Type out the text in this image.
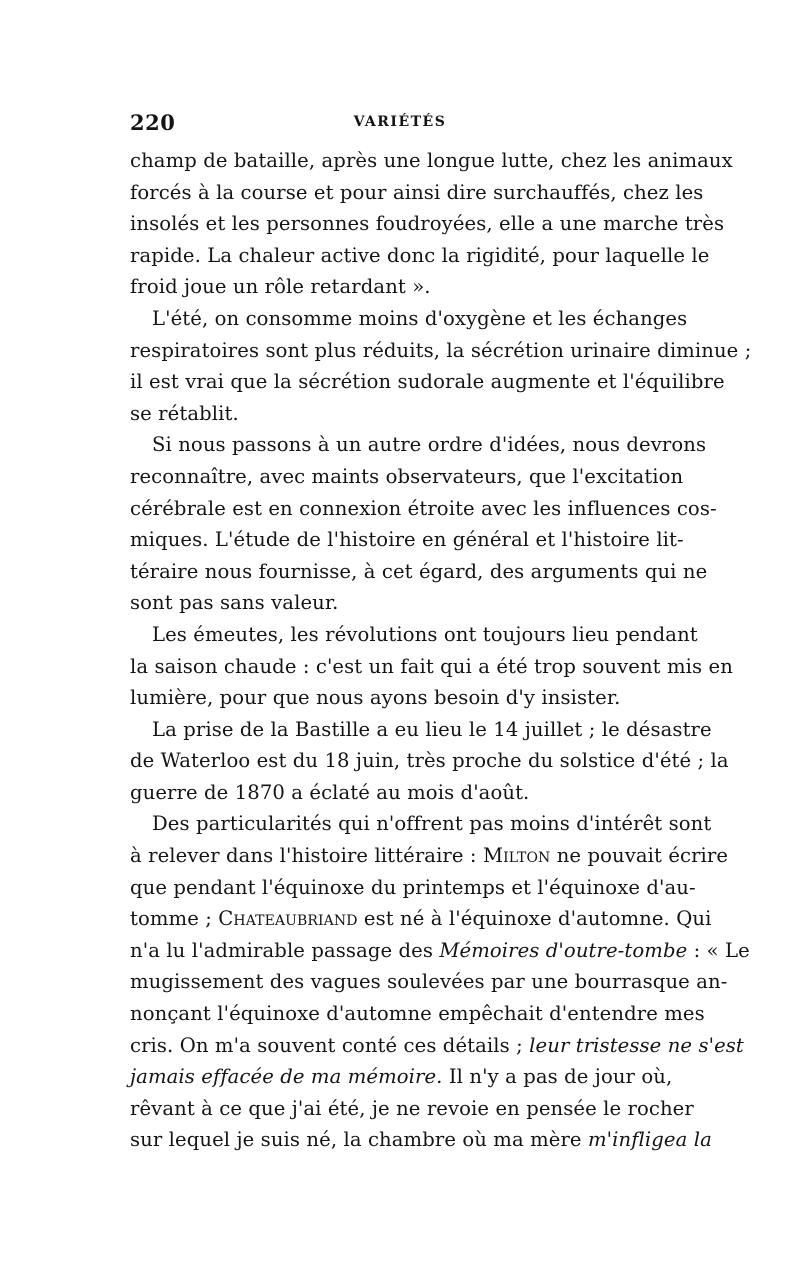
220	VARIÉTÉS
champ de bataille, après une longue lutte, chez les animaux
forcés à la course et pour ainsi dire surchauffés, chez les
insolés et les personnes foudroyées, elle a une marche très
rapide. La chaleur active donc la rigidité, pour laquelle le
froid joue un rôle retardant ».
L'été, on consomme moins d'oxygène et les échanges
respiratoires sont plus réduits, la sécrétion urinaire diminue ;
il est vrai que la sécrétion sudorale augmente et l'équilibre
se rétablit.
Si nous passons à un autre ordre d'idées, nous devrons
reconnaître, avec maints observateurs, que l'excitation
cérébrale est en connexion étroite avec les influences cos-
miques. L'étude de l'histoire en général et l'histoire lit-
téraire nous fournisse, à cet égard, des arguments qui ne
sont pas sans valeur.
Les émeutes, les révolutions ont toujours lieu pendant
la saison chaude : c'est un fait qui a été trop souvent mis en
lumière, pour que nous ayons besoin d'y insister.
La prise de la Bastille a eu lieu le 14 juillet ; le désastre
de Waterloo est du 18 juin, très proche du solstice d'été ; la
guerre de 1870 a éclaté au mois d'août.
Des particularités qui n'offrent pas moins d'intérêt sont
à relever dans l'histoire littéraire : Milton ne pouvait écrire
que pendant l'équinoxe du printemps et l'équinoxe d'au-
tomme ; Chateaubriand est né à l'équinoxe d'automne. Qui
n'a lu l'admirable passage des Mémoires d'outre-tombe : « Le
mugissement des vagues soulevées par une bourrasque an-
nonçant l'équinoxe d'automne empêchait d'entendre mes
cris. On m'a souvent conté ces détails ; leur tristesse ne s'est
jamais effacée de ma mémoire. Il n'y a pas de jour où,
rêvant à ce que j'ai été, je ne revoie en pensée le rocher
sur lequel je suis né, la chambre où ma mère m'infligea la
